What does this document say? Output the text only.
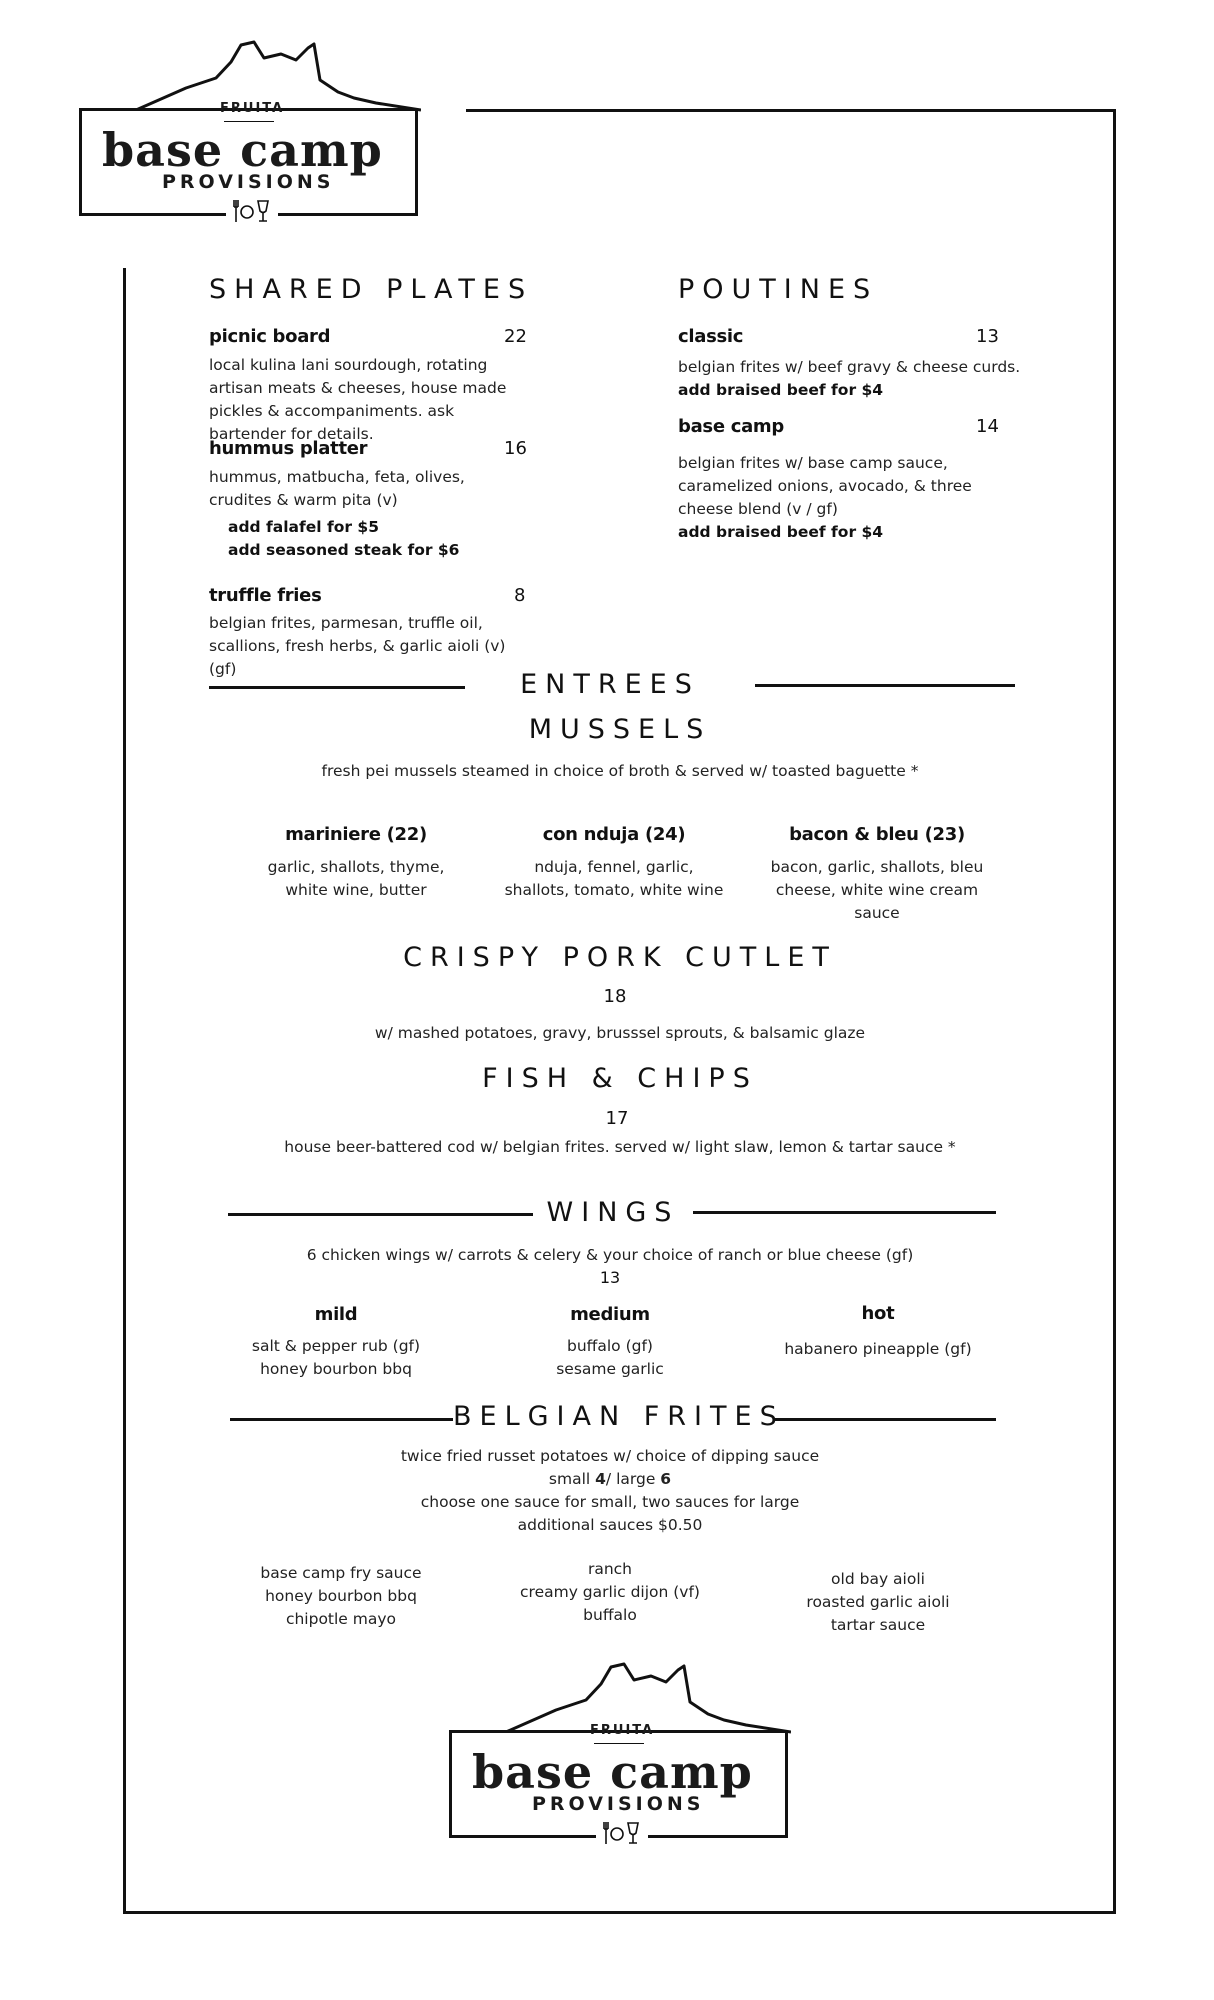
FRUITA
base camp
PROVISIONS
SHARED PLATES
picnic board	22
local kulina lani sourdough, rotating artisan meats & cheeses, house made pickles & accompaniments. ask bartender for details.
hummus platter	16
hummus, matbucha, feta, olives, crudites & warm pita (v)
add falafel for $5
add seasoned steak for $6
truffle fries	8
belgian frites, parmesan, truffle oil, scallions, fresh herbs, & garlic aioli (v) (gf)
POUTINES
classic	13
belgian frites w/ beef gravy & cheese curds.
add braised beef for $4
base camp	14
belgian frites w/ base camp sauce, caramelized onions, avocado, & three cheese blend (v / gf)
add braised beef for $4
ENTREES
MUSSELS
fresh pei mussels steamed in choice of broth & served w/ toasted baguette *
mariniere (22)
garlic, shallots, thyme, white wine, butter
con nduja (24)
nduja, fennel, garlic, shallots, tomato, white wine
bacon & bleu (23)
bacon, garlic, shallots, bleu cheese, white wine cream sauce
CRISPY PORK CUTLET
18
w/ mashed potatoes, gravy, brusssel sprouts, & balsamic glaze
FISH & CHIPS
17
house beer-battered cod w/ belgian frites. served w/ light slaw, lemon & tartar sauce *
WINGS
6 chicken wings w/ carrots & celery & your choice of ranch or blue cheese (gf)
13
mild
salt & pepper rub (gf)
honey bourbon bbq
medium
buffalo (gf)
sesame garlic
hot
habanero pineapple (gf)
BELGIAN FRITES
twice fried russet potatoes w/ choice of dipping sauce
small 4/ large 6
choose one sauce for small, two sauces for large
additional sauces $0.50
base camp fry sauce
honey bourbon bbq
chipotle mayo
ranch
creamy garlic dijon (vf)
buffalo
old bay aioli
roasted garlic aioli
tartar sauce
FRUITA
base camp
PROVISIONS
